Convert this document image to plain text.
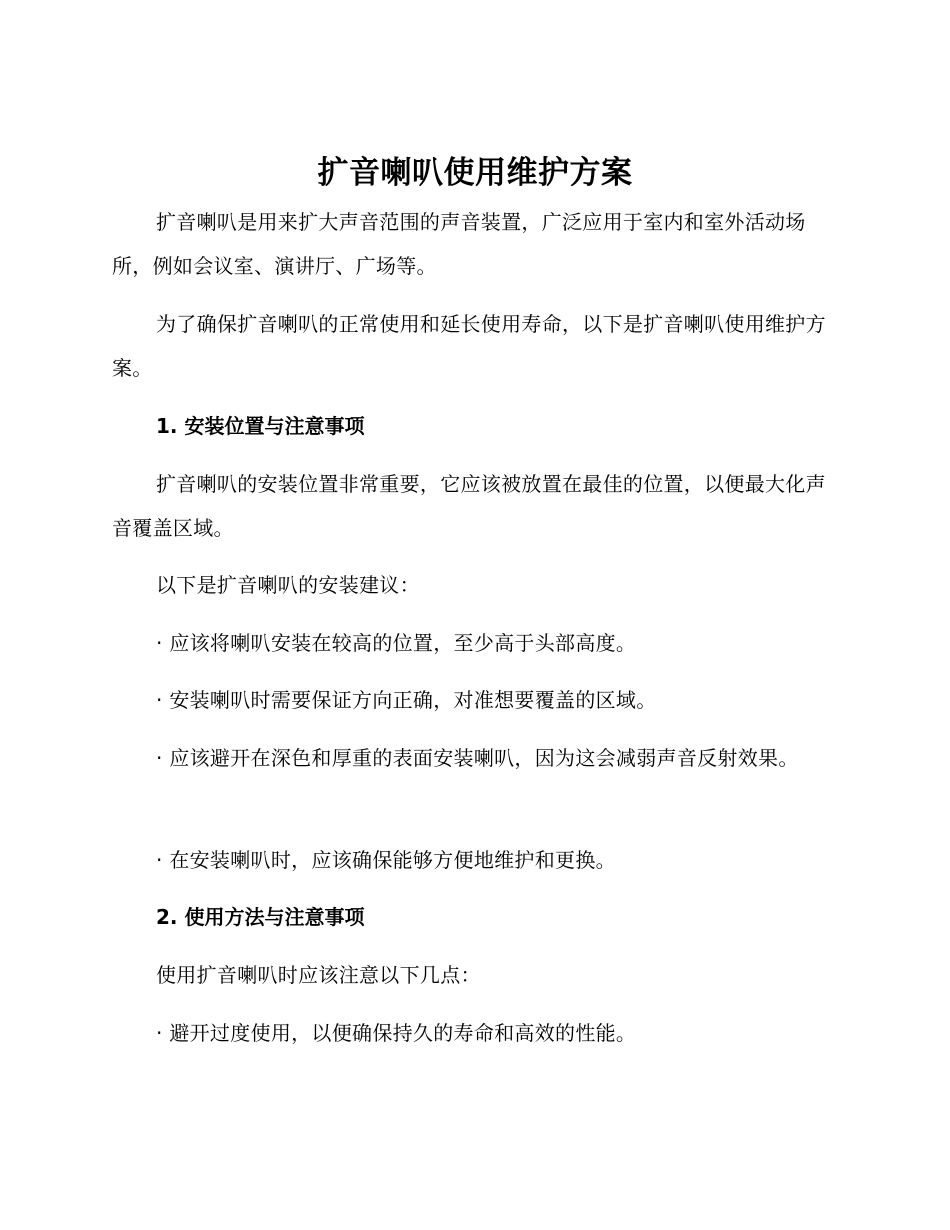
扩音喇叭使用维护方案
扩音喇叭是用来扩大声音范围的声音装置，广泛应用于室内和室外活动场所，例如会议室、演讲厅、广场等。
为了确保扩音喇叭的正常使用和延长使用寿命，以下是扩音喇叭使用维护方案。
1. 安装位置与注意事项
扩音喇叭的安装位置非常重要，它应该被放置在最佳的位置，以便最大化声音覆盖区域。
以下是扩音喇叭的安装建议：
· 应该将喇叭安装在较高的位置，至少高于头部高度。
· 安装喇叭时需要保证方向正确，对准想要覆盖的区域。
· 应该避开在深色和厚重的表面安装喇叭，因为这会减弱声音反射效果。
· 在安装喇叭时，应该确保能够方便地维护和更换。
2. 使用方法与注意事项
使用扩音喇叭时应该注意以下几点：
· 避开过度使用，以便确保持久的寿命和高效的性能。
